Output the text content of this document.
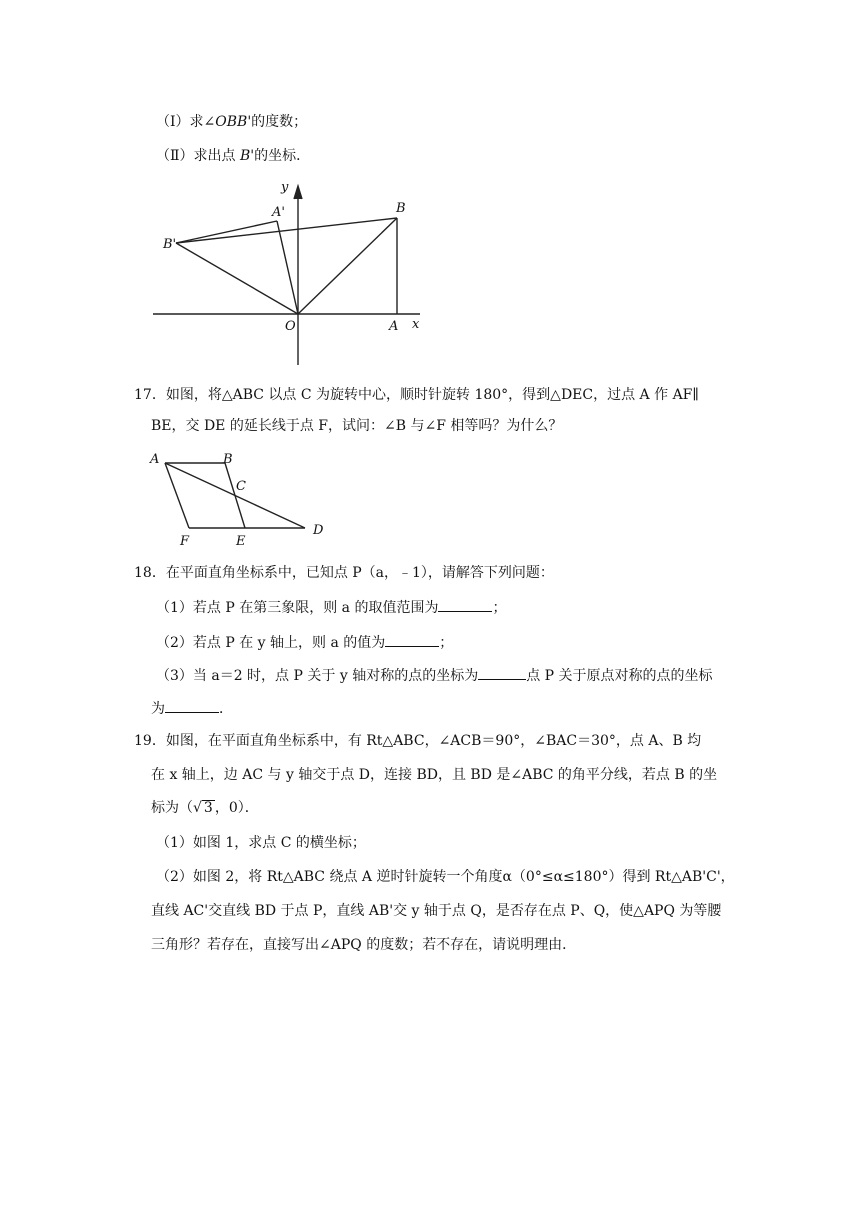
（Ⅰ）求∠OBB'的度数；
（Ⅱ）求出点 B'的坐标．
y
x
O	A
B
A'
B'
17．如图，将△ABC 以点 C 为旋转中心，顺时针旋转 180°，得到△DEC，过点 A 作 AF∥
BE，交 DE 的延长线于点 F，试问：∠B 与∠F 相等吗？为什么？
A	B
C
D
E
F
18．在平面直角坐标系中，已知点 P（a，﹣1），请解答下列问题：
（1）若点 P 在第三象限，则 a 的取值范围为	；
（2）若点 P 在 y 轴上，则 a 的值为	；
（3）当 a＝2 时，点 P 关于 y 轴对称的点的坐标为	点 P 关于原点对称的点的坐标
为	．
19．如图，在平面直角坐标系中，有 Rt△ABC，∠ACB＝90°，∠BAC＝30°，点 A、B 均
在 x 轴上，边 AC 与 y 轴交于点 D，连接 BD，且 BD 是∠ABC 的角平分线，若点 B 的坐
标为（√ 3 ，0）．
（1）如图 1，求点 C 的横坐标；
（2）如图 2，将 Rt△ABC 绕点 A 逆时针旋转一个角度α（0°≤α≤180°）得到 Rt△AB'C'，
直线 AC'交直线 BD 于点 P，直线 AB'交 y 轴于点 Q，是否存在点 P、Q，使△APQ 为等腰
三角形？若存在，直接写出∠APQ 的度数；若不存在，请说明理由．
